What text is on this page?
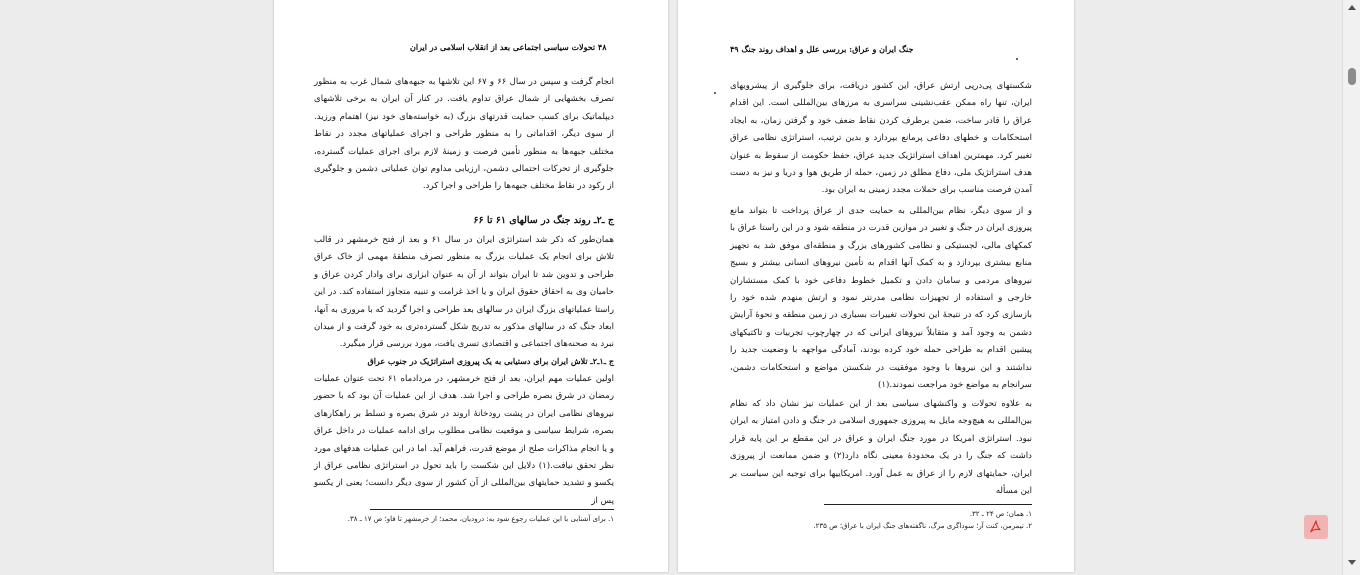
۴۸ تحولات سیاسی اجتماعی بعد از انقلاب اسلامی در ایران
انجام گرفت و سپس در سال ۶۶ و ۶۷ این تلاشها به جبهه‌های شمال غرب به منظور تصرف بخشهایی از شمال عراق تداوم یافت. در کنار آن ایران به برخی تلاشهای دیپلماتیک برای کسب حمایت قدرتهای بزرگ (به خواسته‌های خود نیز) اهتمام ورزید. از سوی دیگر، اقداماتی را به منظور طراحی و اجرای عملیاتهای مجدد در نقاط مختلف جبهه‌ها به منظور تأمین فرصت و زمینهٔ لازم برای اجرای عملیات گسترده، جلوگیری از تحرکات احتمالی دشمن، ارزیابی مداوم توان عملیاتی دشمن و جلوگیری از رکود در نقاط مختلف جبهه‌ها را طراحی و اجرا کرد.
ج ـ۲ـ روند جنگ در سالهای ۶۱ تا ۶۶
همان‌طور که ذکر شد استراتژی ایران در سال ۶۱ و بعد از فتح خرمشهر در قالب تلاش برای انجام یک عملیات بزرگ به منظور تصرف منطقهٔ مهمی از خاک عراق طراحی و تدوین شد تا ایران بتواند از آن به عنوان ابزاری برای وادار کردن عراق و حامیان وی به احقاق حقوق ایران و یا اخذ غرامت و تنبیه متجاوز استفاده کند. در این راستا عملیاتهای بزرگ ایران در سالهای بعد طراحی و اجرا گردید که با مروری به آنها، ابعاد جنگ که در سالهای مذکور به تدریج شکل گسترده‌تری به خود گرفت و از میدان نبرد به صحنه‌های اجتماعی و اقتصادی تسری یافت، مورد بررسی قرار میگیرد.
ج ـ۱ـ۲ـ تلاش ایران برای دستیابی به یک پیروزی استراتژیک در جنوب عراق
اولین عملیات مهم ایران، بعد از فتح خرمشهر، در مردادماه ۶۱ تحت عنوان عملیات رمضان در شرق بصره طراحی و اجرا شد. هدف از این عملیات آن بود که با حضور نیروهای نظامی ایران در پشت رودخانهٔ اروند در شرق بصره و تسلط بر راهکارهای بصره، شرایط سیاسی و موقعیت نظامی مطلوب برای ادامه عملیات در داخل عراق و یا انجام مذاکرات صلح از موضع قدرت، فراهم آید. اما در این عملیات هدفهای مورد نظر تحقق نیافت.(۱) دلایل این شکست را باید تحول در استراتژی نظامی عراق از یکسو و تشدید حمایتهای بین‌المللی از آن کشور از سوی دیگر دانست؛ یعنی از یکسو پس از
۱. برای آشنایی با این عملیات رجوع شود به: درودیان، محمد؛ از خرمشهر تا فاو؛ ص ۱۷ ـ ۳۸.
جنگ ایران و عراق: بررسی علل و اهداف روند جنگ ۴۹
شکستهای پی‌درپی ارتش عراق، این کشور دریافت، برای جلوگیری از پیشرویهای ایران، تنها راه ممکن عقب‌نشینی سراسری به مرزهای بین‌المللی است. این اقدام عراق را قادر ساخت، ضمن برطرف کردن نقاط ضعف خود و گرفتن زمان، به ایجاد استحکامات و خطهای دفاعی پرمانع بپردازد و بدین ترتیب، استراتژی نظامی عراق تغییر کرد. مهمترین اهداف استراتژیک جدید عراق، حفظ حکومت از سقوط به عنوان هدف استراتژیک ملی، دفاع مطلق در زمین، حمله از طریق هوا و دریا و نیز به دست آمدن فرصت مناسب برای حملات مجدد زمینی به ایران بود.
و از سوی دیگر، نظام بین‌المللی به حمایت جدی از عراق پرداخت تا بتواند مانع پیروزی ایران در جنگ و تغییر در موازین قدرت در منطقه شود و در این راستا عراق با کمکهای مالی، لجستیکی و نظامی کشورهای بزرگ و منطقه‌ای موفق شد به تجهیز منابع بیشتری بپردازد و به کمک آنها اقدام به تأمین نیروهای انسانی بیشتر و بسیج نیروهای مردمی و سامان دادن و تکمیل خطوط دفاعی خود با کمک مستشاران خارجی و استفاده از تجهیزات نظامی مدرنتر نمود و ارتش منهدم شده خود را بازسازی کرد که در نتیجهٔ این تحولات تغییرات بسیاری در زمین منطقه و نحوهٔ آرایش دشمن به وجود آمد و متقابلاً نیروهای ایرانی که در چهارچوب تجربیات و تاکتیکهای پیشین اقدام به طراحی حمله خود کرده بودند، آمادگی مواجهه با وضعیت جدید را نداشتند و این نیروها با وجود موفقیت در شکستن مواضع و استحکامات دشمن، سرانجام به مواضع خود مراجعت نمودند.(۱)
به علاوه تحولات و واکنشهای سیاسی بعد از این عملیات نیز نشان داد که نظام بین‌المللی به هیچ‌وجه مایل به پیروزی جمهوری اسلامی در جنگ و دادن امتیاز به ایران نبود. استراتژی امریکا در مورد جنگ ایران و عراق در این مقطع بر این پایه قرار داشت که جنگ را در یک محدودهٔ معینی نگاه دارد(۲) و ضمن ممانعت از پیروزی ایران، حمایتهای لازم را از عراق به عمل آورد. امریکاییها برای توجیه این سیاست بر این مسأله
۱. همان؛ ص ۲۴ ـ ۳۲.
۲. تیمرمن، کنت آر؛ سوداگری مرگ، ناگفته‌های جنگ ایران با عراق؛ ص ۲۳۵.
